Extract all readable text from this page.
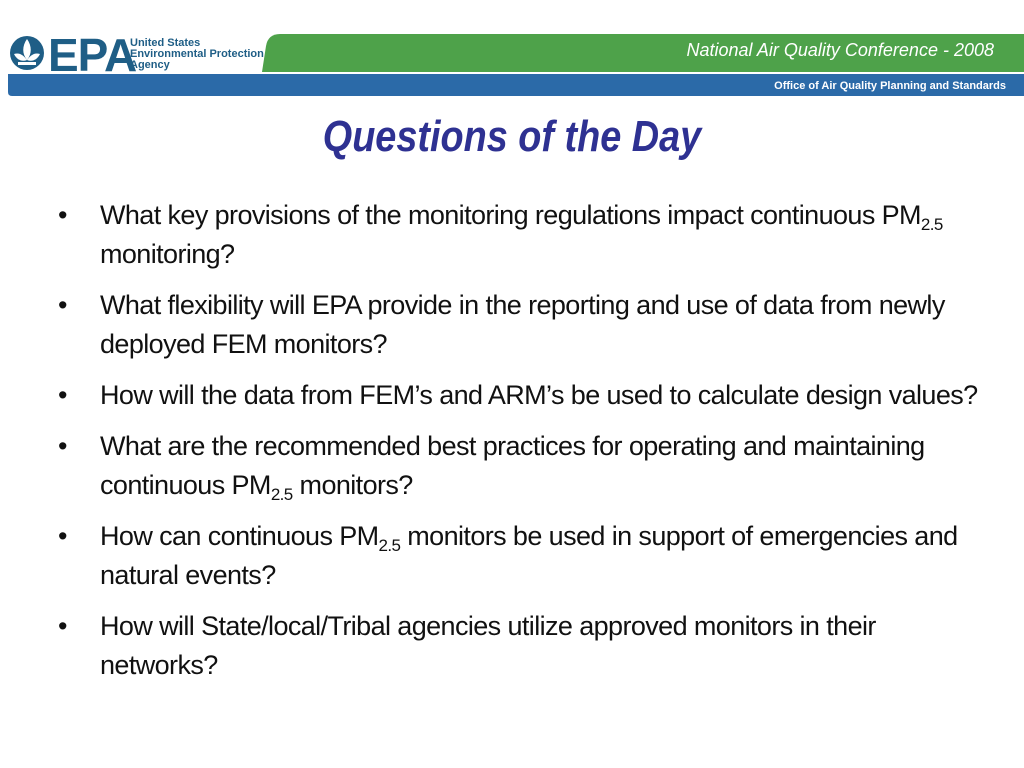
EPA
United States
Environmental Protection
Agency
National Air Quality Conference - 2008
Office of Air Quality Planning and Standards
Questions of the Day
• What key provisions of the monitoring regulations impact continuous $PM_{2.5}$ monitoring?
• What flexibility will EPA provide in the reporting and use of data from newly deployed FEM monitors?
• How will the data from FEM’s and ARM’s be used to calculate design values?
• What are the recommended best practices for operating and maintaining continuous $PM_{2.5}$ monitors?
• How can continuous $PM_{2.5}$ monitors be used in support of emergencies and natural events?
• How will State/local/Tribal agencies utilize approved monitors in their networks?
